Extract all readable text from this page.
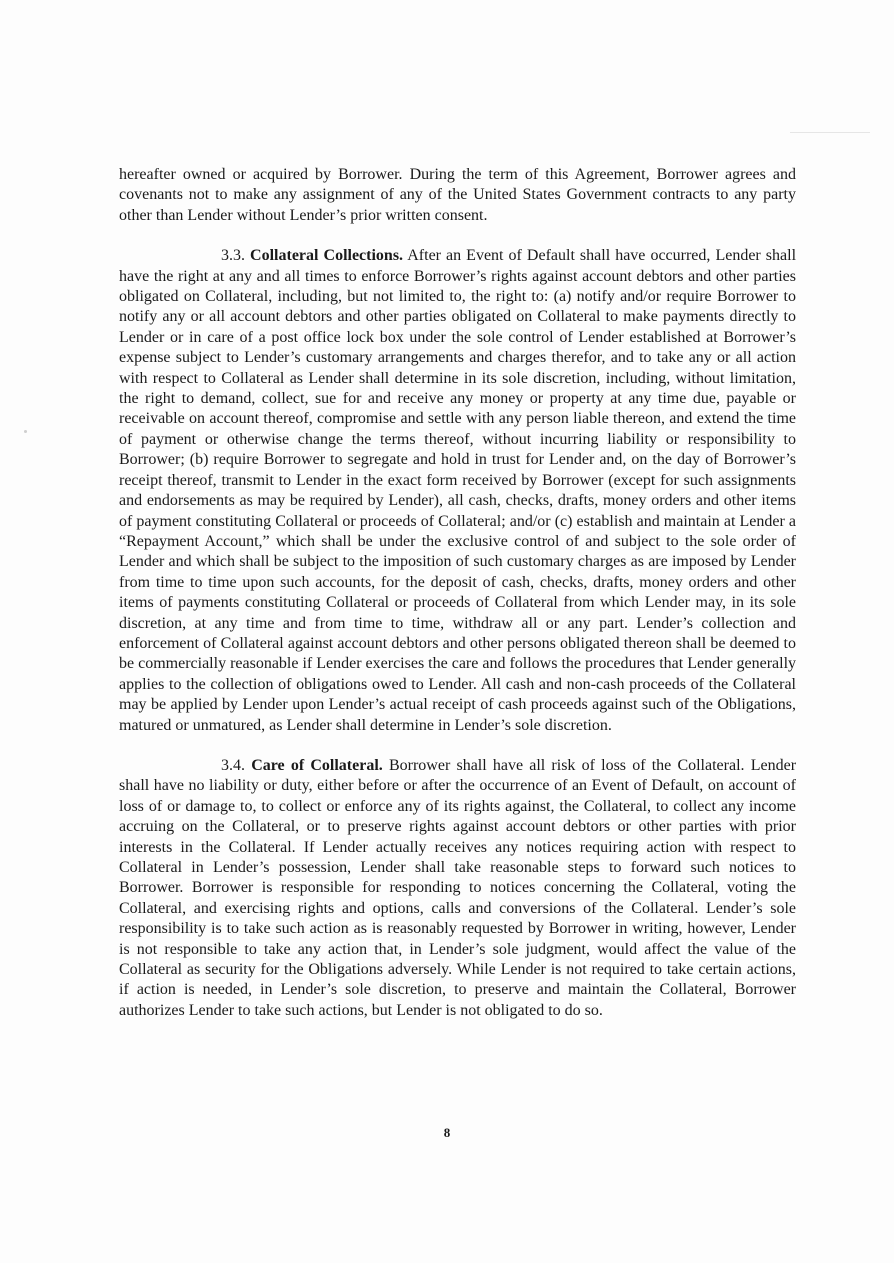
hereafter owned or acquired by Borrower. During the term of this Agreement, Borrower agrees and covenants not to make any assignment of any of the United States Government contracts to any party other than Lender without Lender’s prior written consent.

3.3. Collateral Collections. After an Event of Default shall have occurred, Lender shall have the right at any and all times to enforce Borrower’s rights against account debtors and other parties obligated on Collateral, including, but not limited to, the right to: (a) notify and/or require Borrower to notify any or all account debtors and other parties obligated on Collateral to make payments directly to Lender or in care of a post office lock box under the sole control of Lender established at Borrower’s expense subject to Lender’s customary arrangements and charges therefor, and to take any or all action with respect to Collateral as Lender shall determine in its sole discretion, including, without limitation, the right to demand, collect, sue for and receive any money or property at any time due, payable or receivable on account thereof, compromise and settle with any person liable thereon, and extend the time of payment or otherwise change the terms thereof, without incurring liability or responsibility to Borrower; (b) require Borrower to segregate and hold in trust for Lender and, on the day of Borrower’s receipt thereof, transmit to Lender in the exact form received by Borrower (except for such assignments and endorsements as may be required by Lender), all cash, checks, drafts, money orders and other items of payment constituting Collateral or proceeds of Collateral; and/or (c) establish and maintain at Lender a “Repayment Account,” which shall be under the exclusive control of and subject to the sole order of Lender and which shall be subject to the imposition of such customary charges as are imposed by Lender from time to time upon such accounts, for the deposit of cash, checks, drafts, money orders and other items of payments constituting Collateral or proceeds of Collateral from which Lender may, in its sole discretion, at any time and from time to time, withdraw all or any part. Lender’s collection and enforcement of Collateral against account debtors and other persons obligated thereon shall be deemed to be commercially reasonable if Lender exercises the care and follows the procedures that Lender generally applies to the collection of obligations owed to Lender. All cash and non-cash proceeds of the Collateral may be applied by Lender upon Lender’s actual receipt of cash proceeds against such of the Obligations, matured or unmatured, as Lender shall determine in Lender’s sole discretion.

3.4. Care of Collateral. Borrower shall have all risk of loss of the Collateral. Lender shall have no liability or duty, either before or after the occurrence of an Event of Default, on account of loss of or damage to, to collect or enforce any of its rights against, the Collateral, to collect any income accruing on the Collateral, or to preserve rights against account debtors or other parties with prior interests in the Collateral. If Lender actually receives any notices requiring action with respect to Collateral in Lender’s possession, Lender shall take reasonable steps to forward such notices to Borrower. Borrower is responsible for responding to notices concerning the Collateral, voting the Collateral, and exercising rights and options, calls and conversions of the Collateral. Lender’s sole responsibility is to take such action as is reasonably requested by Borrower in writing, however, Lender is not responsible to take any action that, in Lender’s sole judgment, would affect the value of the Collateral as security for the Obligations adversely. While Lender is not required to take certain actions, if action is needed, in Lender’s sole discretion, to preserve and maintain the Collateral, Borrower authorizes Lender to take such actions, but Lender is not obligated to do so.

8
